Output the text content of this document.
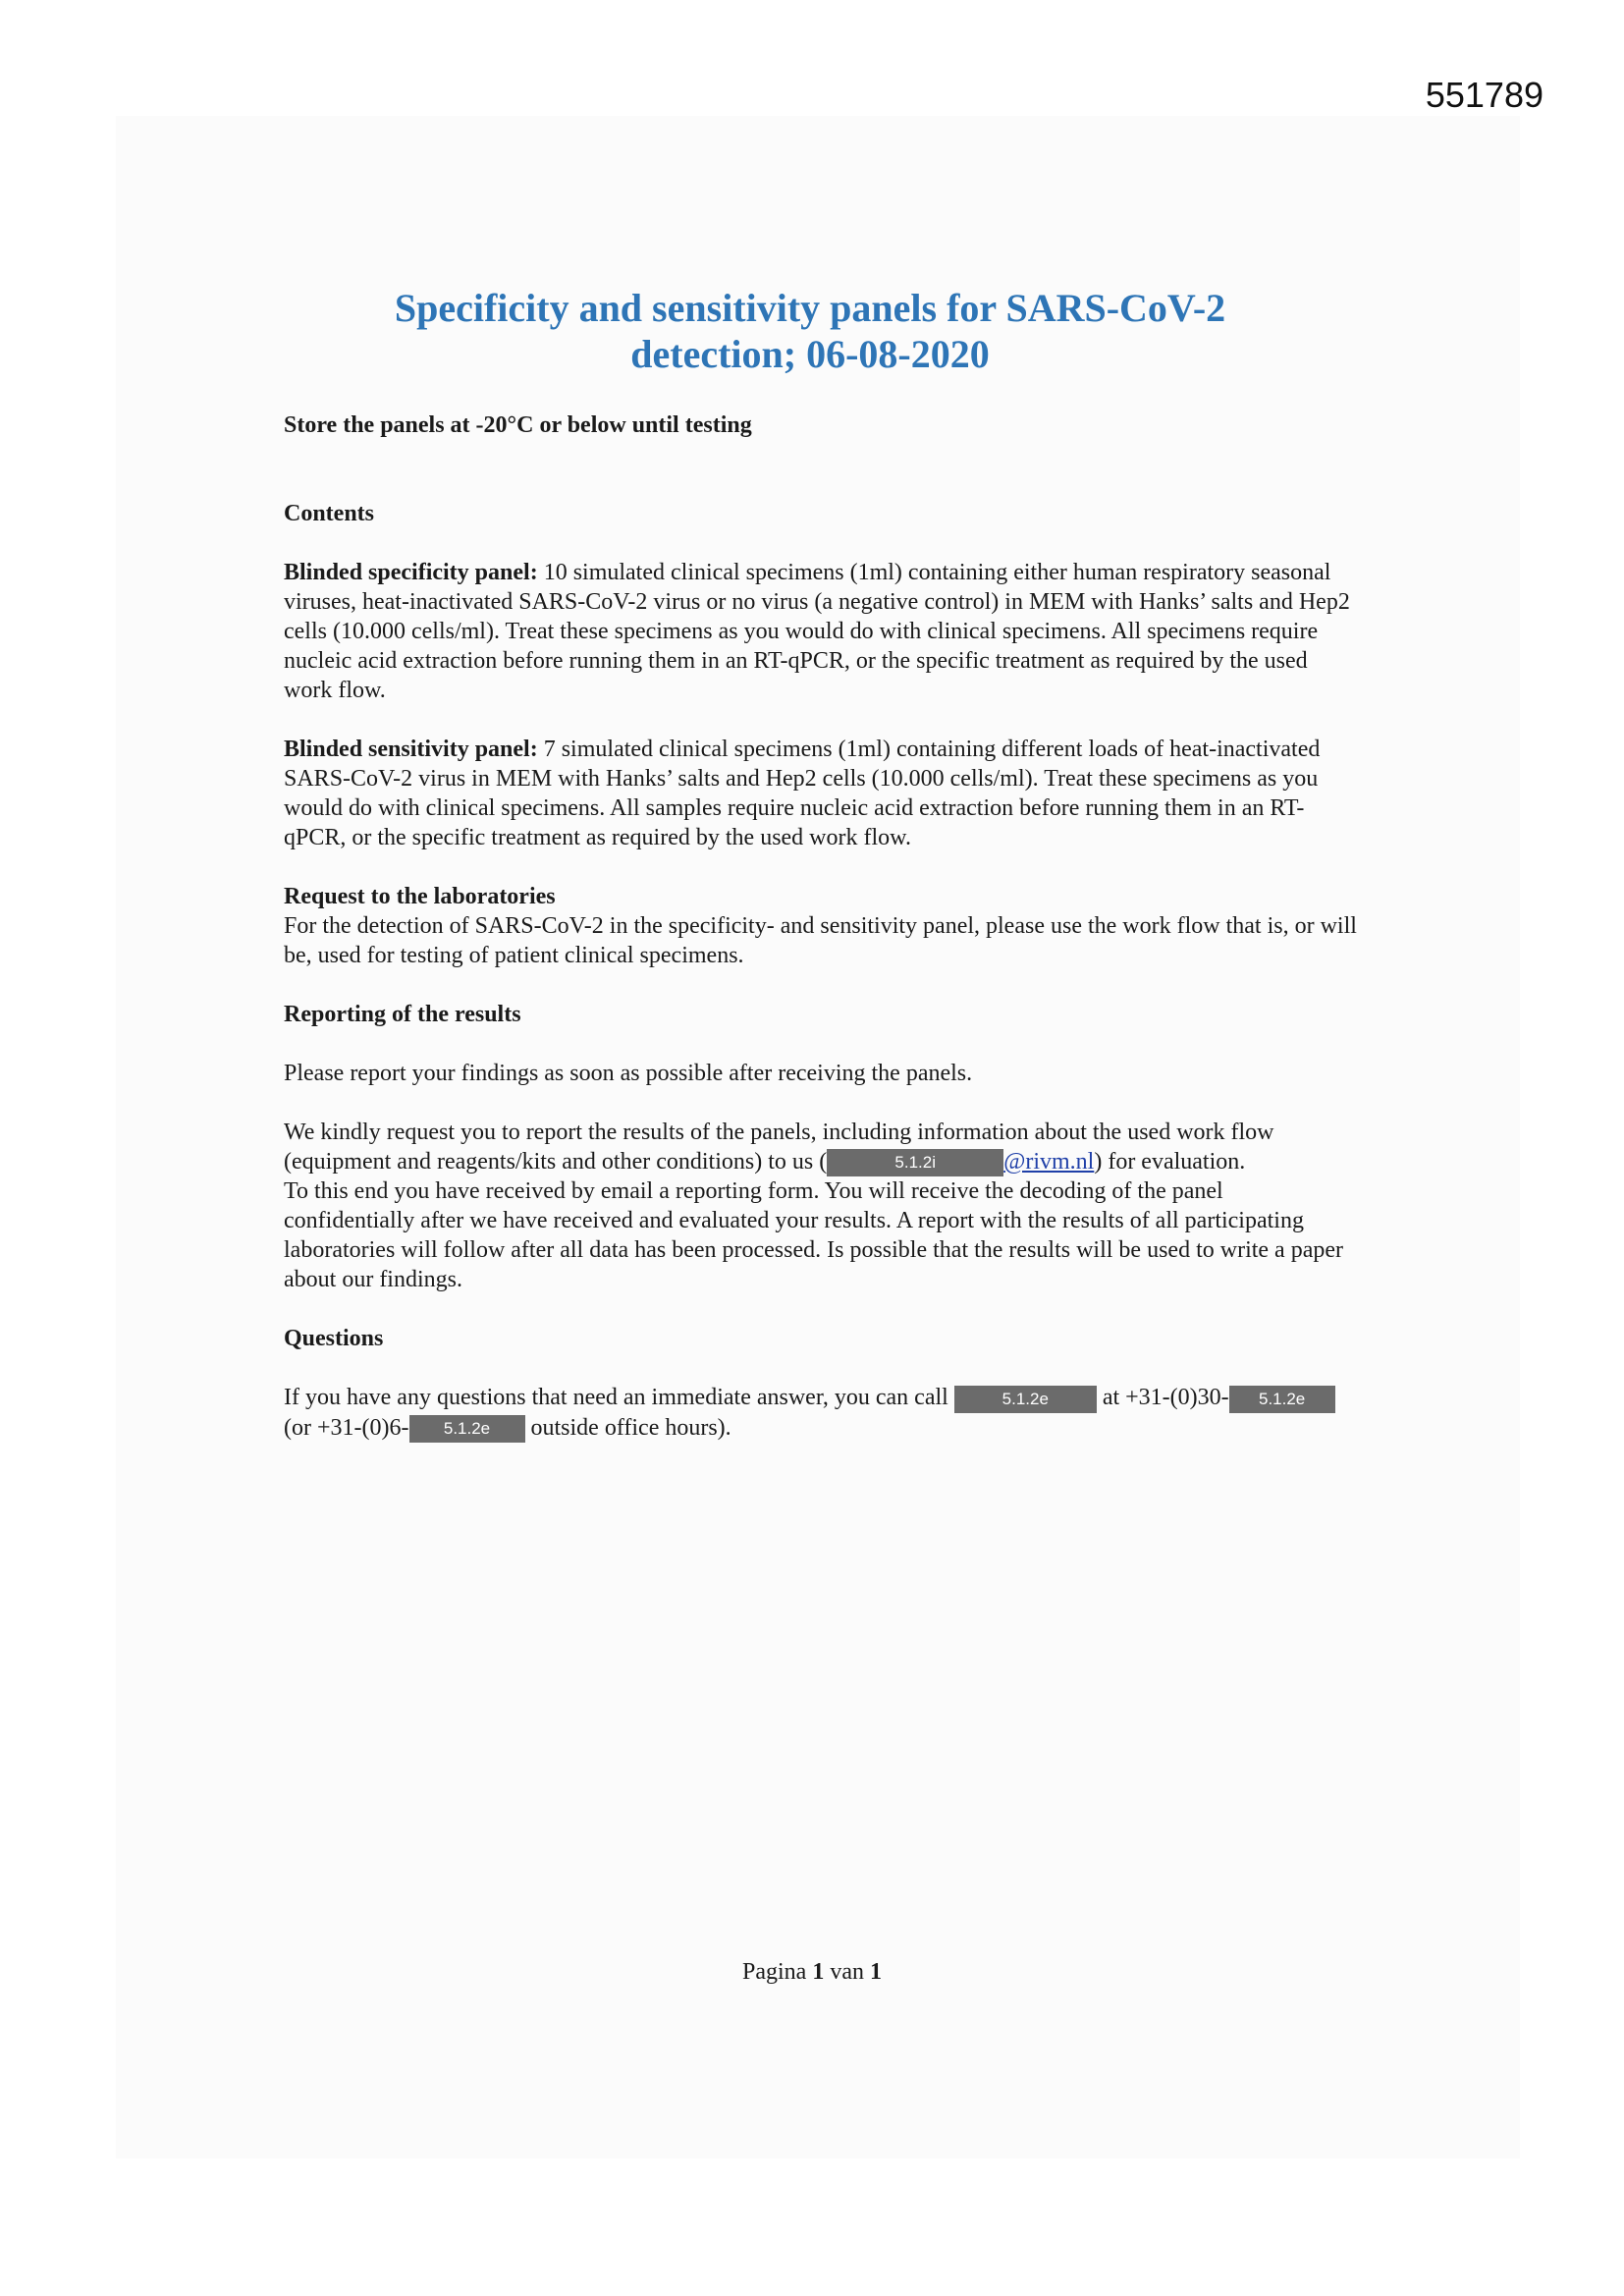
551789
Specificity and sensitivity panels for SARS-CoV-2
detection; 06-08-2020

Store the panels at -20°C or below until testing

Contents

Blinded specificity panel: 10 simulated clinical specimens (1ml) containing either human respiratory seasonal viruses, heat-inactivated SARS-CoV-2 virus or no virus (a negative control) in MEM with Hanks’ salts and Hep2 cells (10.000 cells/ml). Treat these specimens as you would do with clinical specimens. All specimens require nucleic acid extraction before running them in an RT-qPCR, or the specific treatment as required by the used work flow.

Blinded sensitivity panel: 7 simulated clinical specimens (1ml) containing different loads of heat-inactivated SARS-CoV-2 virus in MEM with Hanks’ salts and Hep2 cells (10.000 cells/ml). Treat these specimens as you would do with clinical specimens. All samples require nucleic acid extraction before running them in an RT-qPCR, or the specific treatment as required by the used work flow.

Request to the laboratories

For the detection of SARS-CoV-2 in the specificity- and sensitivity panel, please use the work flow that is, or will be, used for testing of patient clinical specimens.

Reporting of the results

Please report your findings as soon as possible after receiving the panels.

We kindly request you to report the results of the panels, including information about the used work flow (equipment and reagents/kits and other conditions) to us (	5.1.2i	@rivm.nl) for evaluation.

To this end you have received by email a reporting form. You will receive the decoding of the panel confidentially after we have received and evaluated your results. A report with the results of all participating laboratories will follow after all data has been processed. Is possible that the results will be used to write a paper about our findings.

Questions

If you have any questions that need an immediate answer, you can call	5.1.2e at +31-(0)30- 5.1.2e (or +31-(0)6- 5.1.2e outside office hours).

Pagina 1 van 1
